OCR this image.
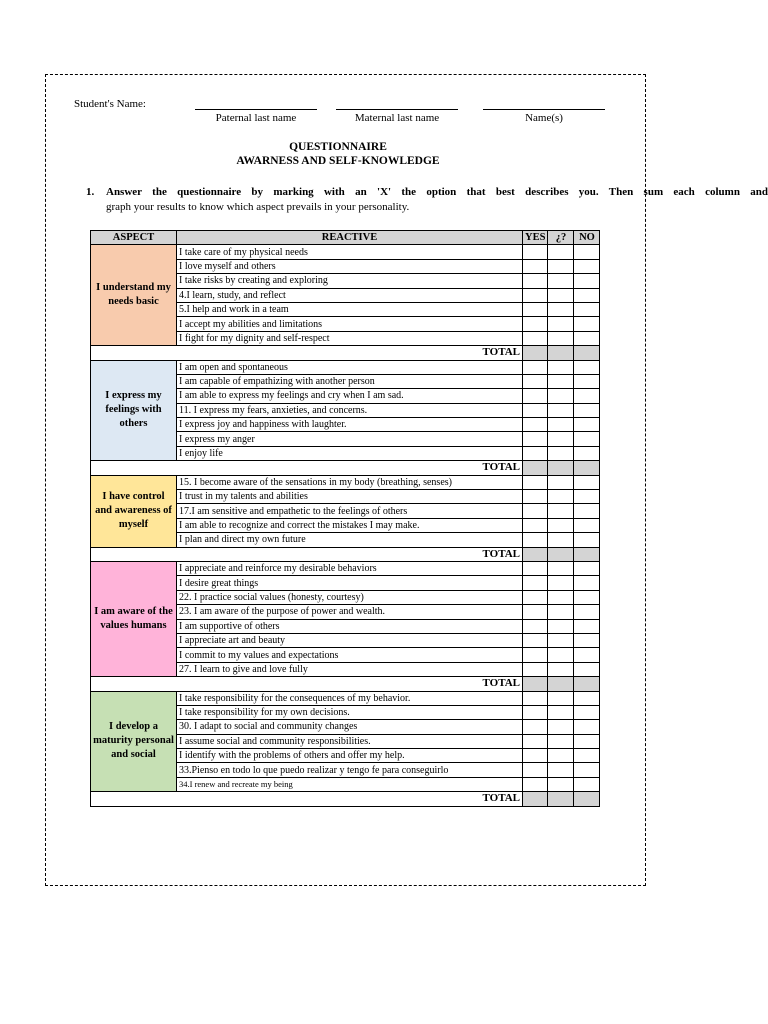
Student's Name:
Paternal last name	Maternal last name	Name(s)
QUESTIONNAIRE
AWARNESS AND SELF-KNOWLEDGE
1. Answer the questionnaire by marking with an 'X' the option that best describes you. Then sum each column and
graph your results to know which aspect prevails in your personality.
ASPECT	REACTIVE	YES	¿?	NO
I understand my needs basic	I take care of my physical needs			
	I love myself and others			
	I take risks by creating and exploring			
	4.I learn, study, and reflect			
	5.I help and work in a team			
	I accept my abilities and limitations			
	I fight for my dignity and self-respect			
TOTAL				
I express my feelings with others	I am open and spontaneous			
	I am capable of empathizing with another person			
	I am able to express my feelings and cry when I am sad.			
	11. I express my fears, anxieties, and concerns.			
	I express joy and happiness with laughter.			
	I express my anger			
	I enjoy life			
TOTAL				
I have control and awareness of myself	15. I become aware of the sensations in my body (breathing, senses)			
	I trust in my talents and abilities			
	17.I am sensitive and empathetic to the feelings of others			
	I am able to recognize and correct the mistakes I may make.			
	I plan and direct my own future			
TOTAL				
I am aware of the values humans	I appreciate and reinforce my desirable behaviors			
	I desire great things			
	22. I practice social values (honesty, courtesy)			
	23. I am aware of the purpose of power and wealth.			
	I am supportive of others			
	I appreciate art and beauty			
	I commit to my values and expectations			
	27. I learn to give and love fully			
TOTAL				
I develop a maturity personal and social	I take responsibility for the consequences of my behavior.			
	I take responsibility for my own decisions.			
	30. I adapt to social and community changes			
	I assume social and community responsibilities.			
	I identify with the problems of others and offer my help.			
	33.Pienso en todo lo que puedo realizar y tengo fe para conseguirlo			
	34.I renew and recreate my being			
TOTAL				
